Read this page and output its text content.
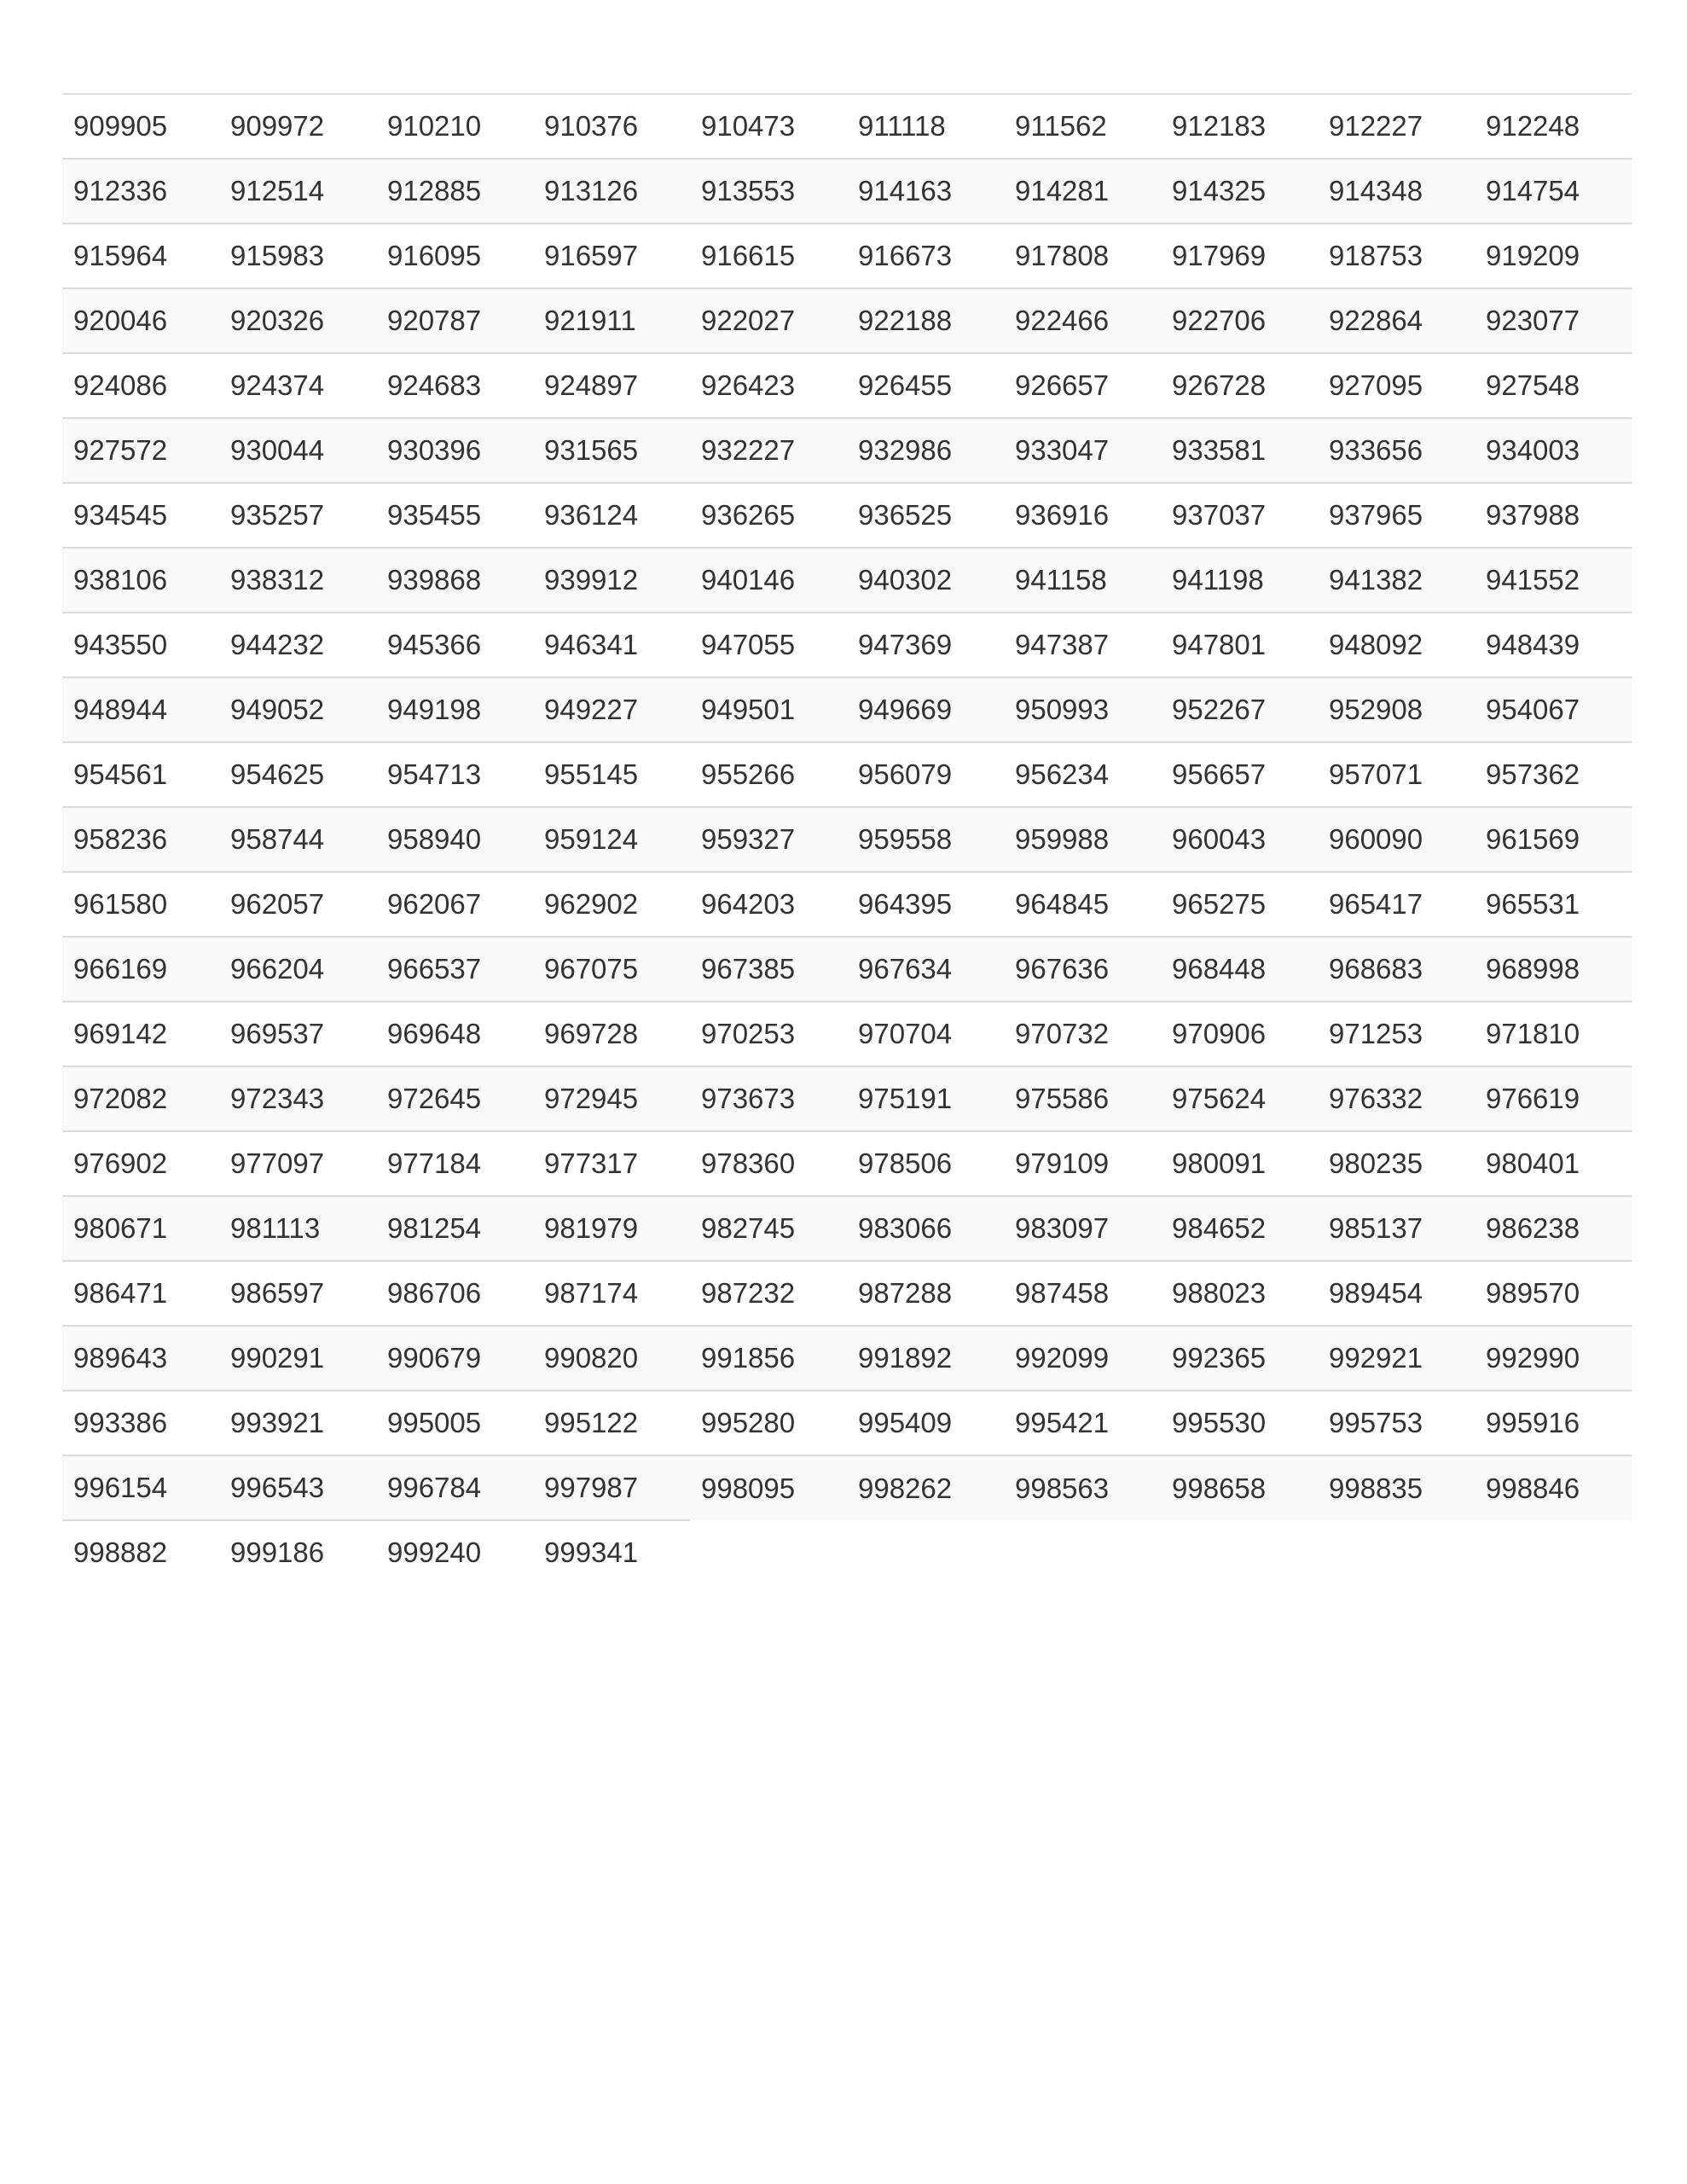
909905	909972	910210	910376	910473	911118	911562	912183	912227	912248
912336	912514	912885	913126	913553	914163	914281	914325	914348	914754
915964	915983	916095	916597	916615	916673	917808	917969	918753	919209
920046	920326	920787	921911	922027	922188	922466	922706	922864	923077
924086	924374	924683	924897	926423	926455	926657	926728	927095	927548
927572	930044	930396	931565	932227	932986	933047	933581	933656	934003
934545	935257	935455	936124	936265	936525	936916	937037	937965	937988
938106	938312	939868	939912	940146	940302	941158	941198	941382	941552
943550	944232	945366	946341	947055	947369	947387	947801	948092	948439
948944	949052	949198	949227	949501	949669	950993	952267	952908	954067
954561	954625	954713	955145	955266	956079	956234	956657	957071	957362
958236	958744	958940	959124	959327	959558	959988	960043	960090	961569
961580	962057	962067	962902	964203	964395	964845	965275	965417	965531
966169	966204	966537	967075	967385	967634	967636	968448	968683	968998
969142	969537	969648	969728	970253	970704	970732	970906	971253	971810
972082	972343	972645	972945	973673	975191	975586	975624	976332	976619
976902	977097	977184	977317	978360	978506	979109	980091	980235	980401
980671	981113	981254	981979	982745	983066	983097	984652	985137	986238
986471	986597	986706	987174	987232	987288	987458	988023	989454	989570
989643	990291	990679	990820	991856	991892	992099	992365	992921	992990
993386	993921	995005	995122	995280	995409	995421	995530	995753	995916
996154	996543	996784	997987	998095	998262	998563	998658	998835	998846
998882	999186	999240	999341						
